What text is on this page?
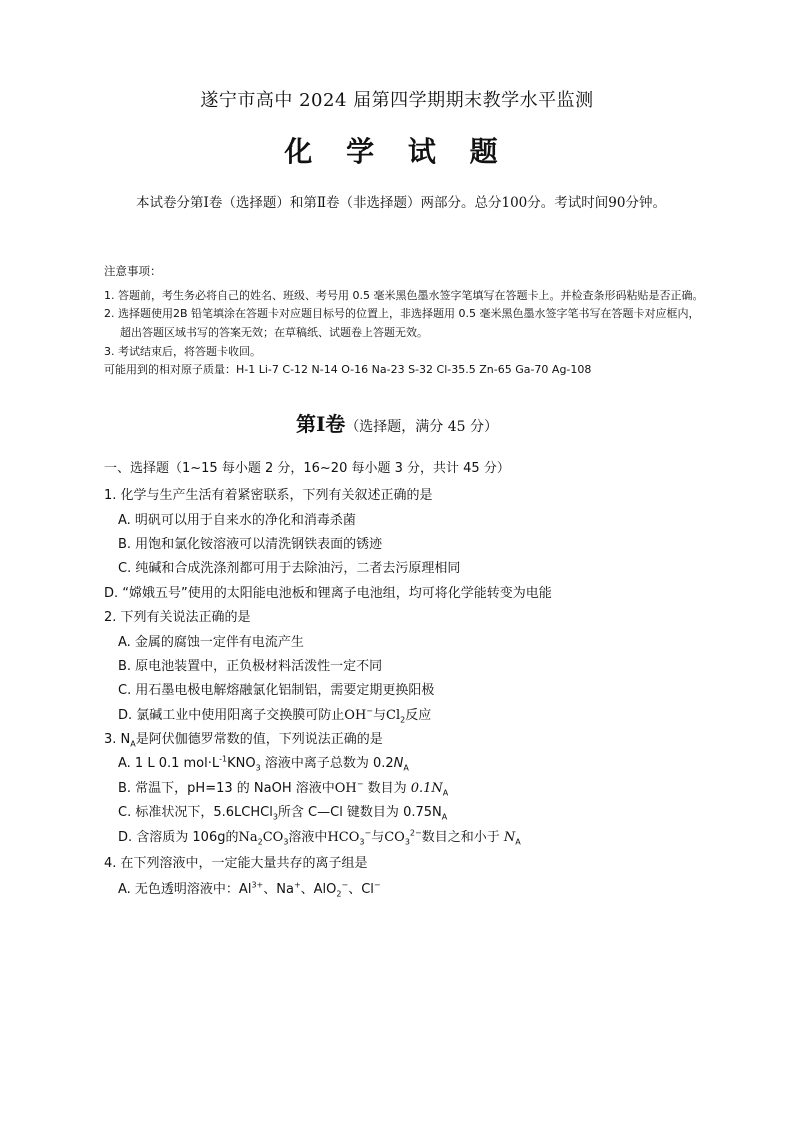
遂宁市高中 2024 届第四学期期末教学水平监测
化 学 试 题
本试卷分第Ⅰ卷（选择题）和第Ⅱ卷（非选择题）两部分。总分100分。考试时间90分钟。
注意事项：
1. 答题前，考生务必将自己的姓名、班级、考号用 0.5 毫米黑色墨水签字笔填写在答题卡上。并检查条形码粘贴是否正确。
2. 选择题使用2B 铅笔填涂在答题卡对应题目标号的位置上，非选择题用 0.5 毫米黑色墨水签字笔书写在答题卡对应框内，
超出答题区域书写的答案无效；在草稿纸、试题卷上答题无效。
3. 考试结束后，将答题卡收回。
可能用到的相对原子质量：H-1 Li-7 C-12 N-14 O-16 Na-23 S-32 Cl-35.5 Zn-65 Ga-70 Ag-108
第Ⅰ卷（选择题，满分 45 分）
一、选择题（1~15 每小题 2 分，16~20 每小题 3 分，共计 45 分）
1. 化学与生产生活有着紧密联系，下列有关叙述正确的是
A. 明矾可以用于自来水的净化和消毒杀菌
B. 用饱和氯化铵溶液可以清洗钢铁表面的锈迹
C. 纯碱和合成洗涤剂都可用于去除油污，二者去污原理相同
D. “嫦娥五号”使用的太阳能电池板和锂离子电池组，均可将化学能转变为电能
2. 下列有关说法正确的是
A. 金属的腐蚀一定伴有电流产生
B. 原电池装置中，正负极材料活泼性一定不同
C. 用石墨电极电解熔融氯化铝制铝，需要定期更换阳极
D. 氯碱工业中使用阳离子交换膜可防止OH−与$Cl_2$反应
3. $N_A$是阿伏伽德罗常数的值，下列说法正确的是
A. 1 L 0.1 $mol\cdot L^{-1}KNO_3$ 溶液中离子总数为 $0.2N_A$
B. 常温下，pH=13 的 NaOH 溶液中OH− 数目为 $0.1N_A$
C. 标准状况下，5.6LCHCl$_3$所含 C—Cl 键数目为 $0.75N_A$
D. 含溶质为 106g的$Na_2CO_3$溶液中$HCO_3^-$与$CO_3^{2-}$数目之和小于 $N_A$
4. 在下列溶液中，一定能大量共存的离子组是
A. 无色透明溶液中：$Al^{3+}$、Na+、AlO$_2$−、Cl−
